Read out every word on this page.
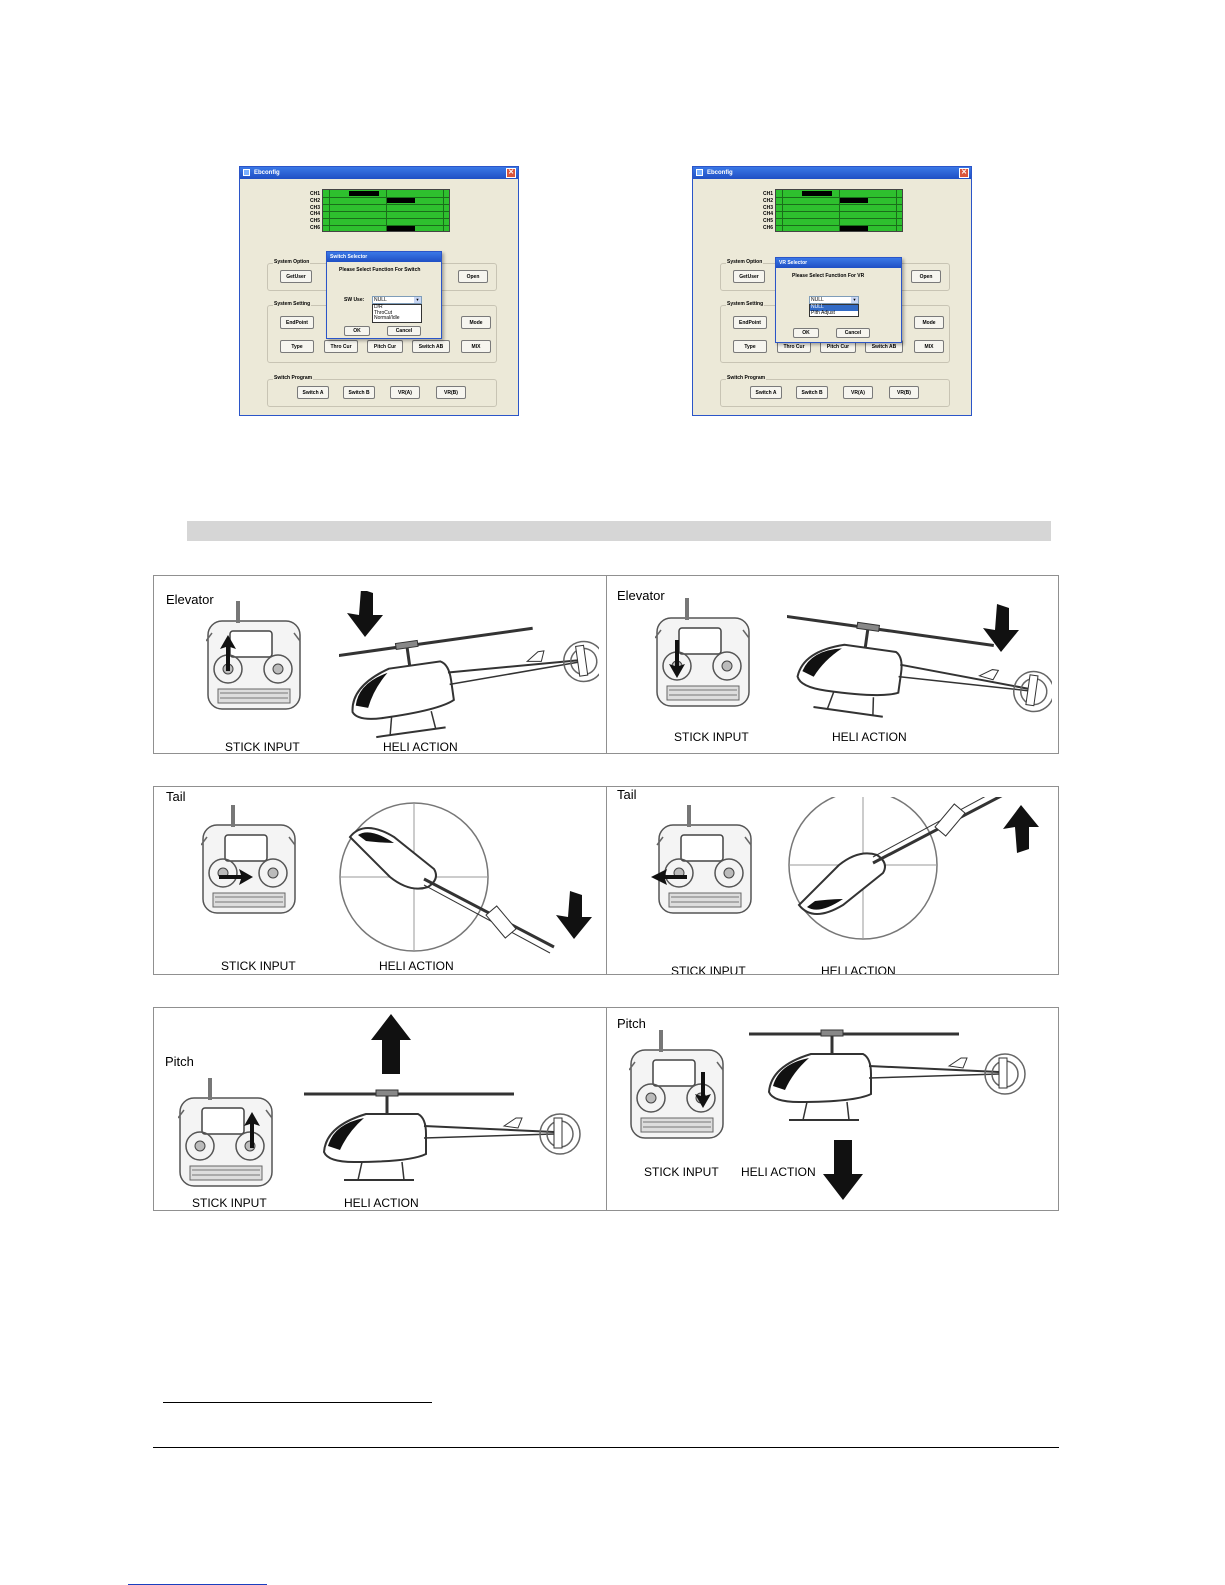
Ebconfig	✕
CH1
CH2
CH3
CH4
CH5
CH6
System Option
GetUser	Open
System Setting
EndPoint	Mode
Type	Thro Cur	Pitch Cur	Switch AB	MIX
Switch Program
Switch A	Switch B	VR(A)	VR(B)
Switch Selector
Please Select Function For Switch
SW Use:	NULL	▼
D/R
ThroCut
Normal/Idle
OK	Cancel
Ebconfig	✕
CH1
CH2
CH3
CH4
CH5
CH6
System Option
GetUser	Open
System Setting
EndPoint	Mode
Type	Thro Cur	Pitch Cur	Switch AB	MIX
Switch Program
Switch A	Switch B	VR(A)	VR(B)
VR Selector
Please Select Function For VR
NULL	▼
NULL
PIth Adjust
OK	Cancel
Elevator
STICK INPUT	HELI ACTION
Elevator
STICK INPUT	HELI ACTION
Tail
STICK INPUT	HELI ACTION
Tail
STICK INPUT	HELI ACTION
Pitch
STICK INPUT	HELI ACTION
Pitch
STICK INPUT HELI ACTION
